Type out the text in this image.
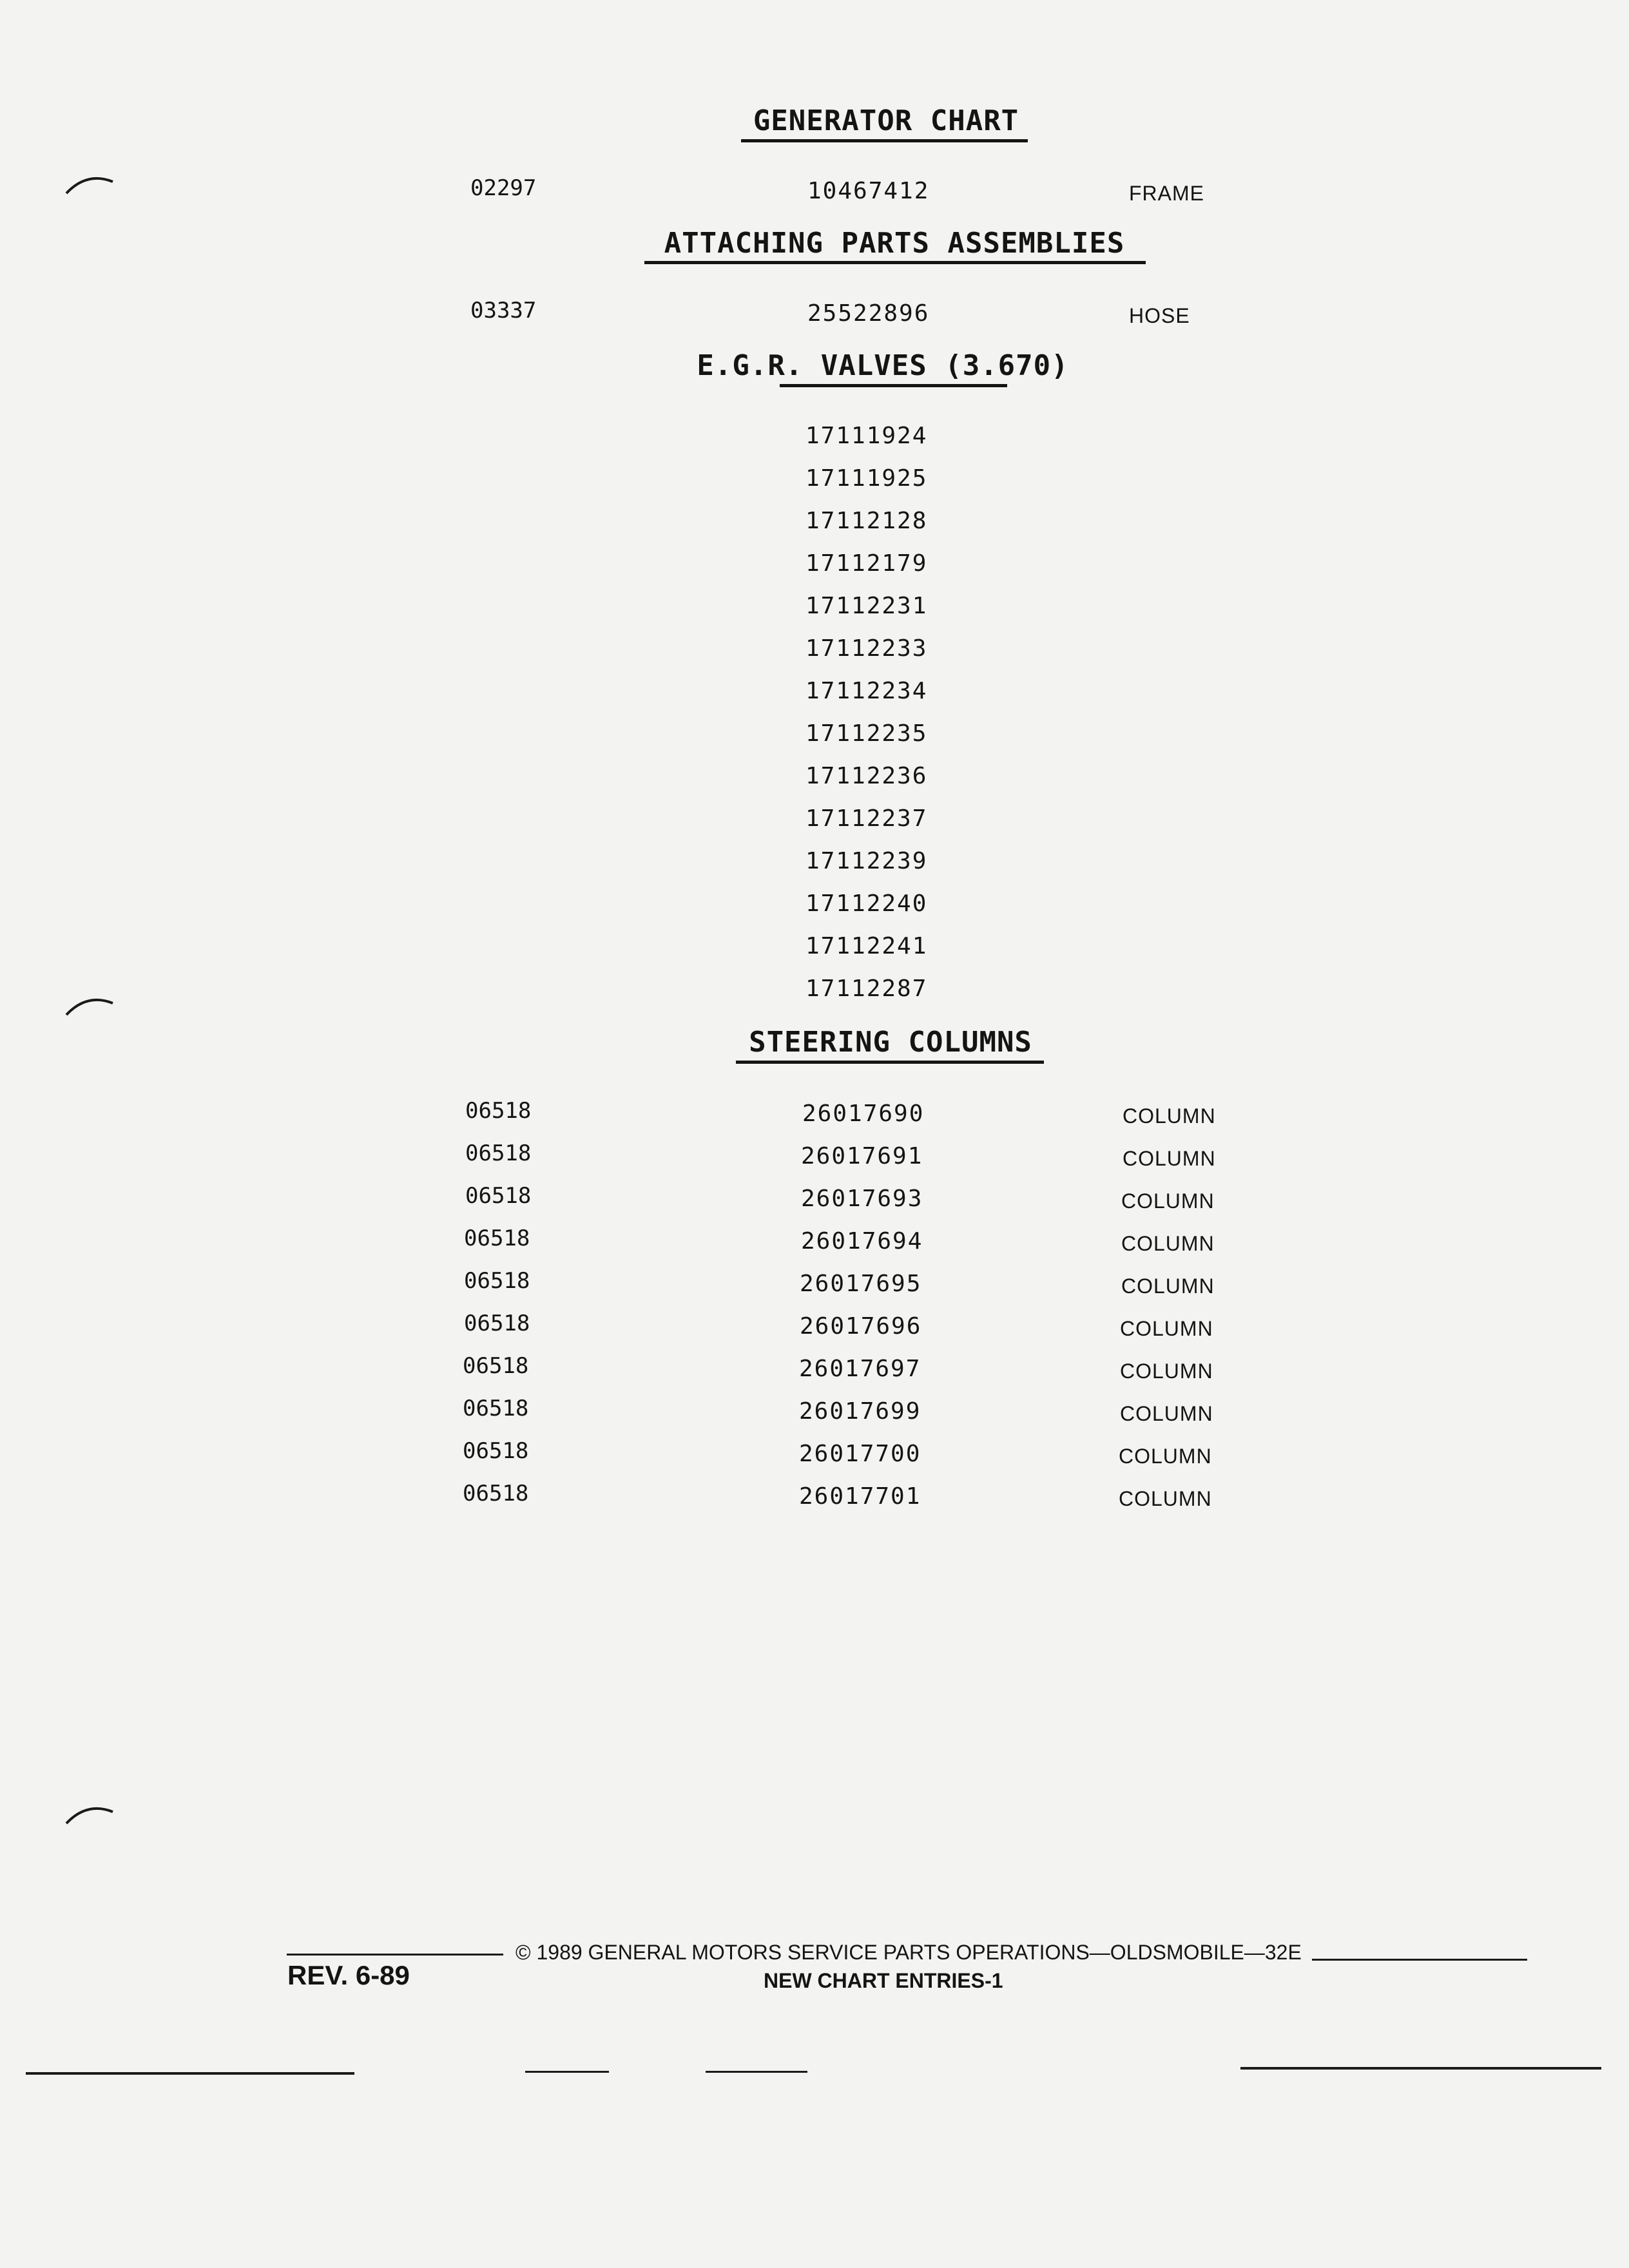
GENERATOR CHART
02297	10467412	FRAME
ATTACHING PARTS ASSEMBLIES
03337	25522896	HOSE
E.G.R. VALVES (3.670)
17111924
17111925
17112128
17112179
17112231
17112233
17112234
17112235
17112236
17112237
17112239
17112240
17112241
17112287
STEERING COLUMNS
06518	26017690	COLUMN
06518	26017691	COLUMN
06518	26017693	COLUMN
06518	26017694	COLUMN
06518	26017695	COLUMN
06518	26017696	COLUMN
06518	26017697	COLUMN
06518	26017699	COLUMN
06518	26017700	COLUMN
06518	26017701	COLUMN
© 1989 GENERAL MOTORS SERVICE PARTS OPERATIONS—OLDSMOBILE—32E
REV. 6-89	NEW CHART ENTRIES-1
